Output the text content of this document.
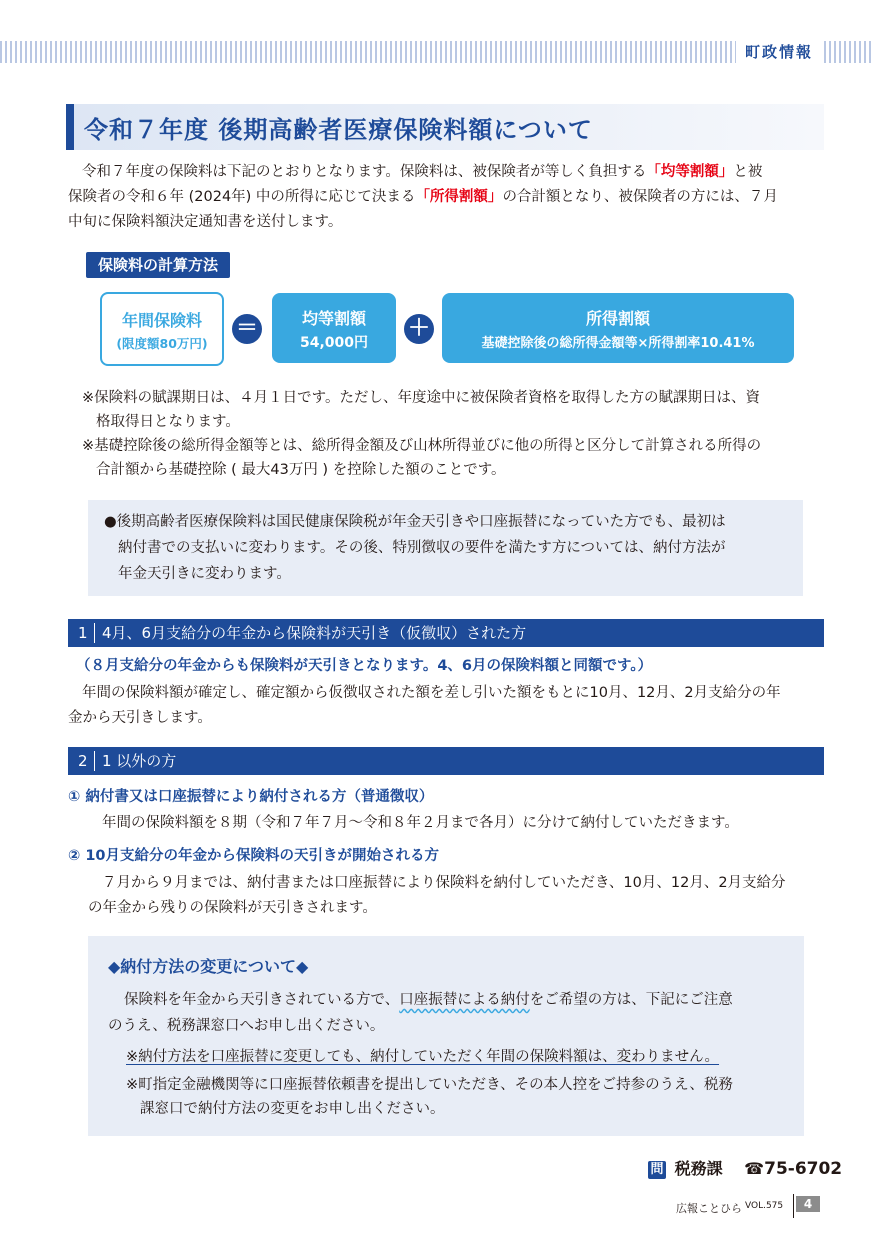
町政情報
令和７年度 後期高齢者医療保険料額について
令和７年度の保険料は下記のとおりとなります。保険料は、被保険者が等しく負担する「均等割額」と被
保険者の令和６年 (2024年) 中の所得に応じて決まる「所得割額」の合計額となり、被保険者の方には、７月
中旬に保険料額決定通知書を送付します。
保険料の計算方法
年間保険料
(限度額80万円)
＝	均等割額
54,000円
＋	所得割額
基礎控除後の総所得金額等×所得割率10.41%
※保険料の賦課期日は、４月１日です。ただし、年度途中に被保険者資格を取得した方の賦課期日は、資
格取得日となります。
※基礎控除後の総所得金額等とは、総所得金額及び山林所得並びに他の所得と区分して計算される所得の
合計額から基礎控除 ( 最大43万円 ) を控除した額のことです。
●後期高齢者医療保険料は国民健康保険税が年金天引きや口座振替になっていた方でも、最初は
納付書での支払いに変わります。その後、特別徴収の要件を満たす方については、納付方法が
年金天引きに変わります。
1 4月、6月支給分の年金から保険料が天引き（仮徴収）された方
（８月支給分の年金からも保険料が天引きとなります。4、6月の保険料額と同額です。）
年間の保険料額が確定し、確定額から仮徴収された額を差し引いた額をもとに10月、12月、2月支給分の年
金から天引きします。
2 1 以外の方
① 納付書又は口座振替により納付される方（普通徴収）
年間の保険料額を８期（令和７年７月～令和８年２月まで各月）に分けて納付していただきます。
② 10月支給分の年金から保険料の天引きが開始される方
７月から９月までは、納付書または口座振替により保険料を納付していただき、10月、12月、2月支給分
の年金から残りの保険料が天引きされます。
◆納付方法の変更について◆
保険料を年金から天引きされている方で、口座振替による納付をご希望の方は、下記にご注意
のうえ、税務課窓口へお申し出ください。
※納付方法を口座振替に変更しても、納付していただく年間の保険料額は、変わりません。
※町指定金融機関等に口座振替依頼書を提出していただき、その本人控をご持参のうえ、税務
課窓口で納付方法の変更をお申し出ください。
問 税務課 ☎75-6702
広報ことひら VOL.575	4
